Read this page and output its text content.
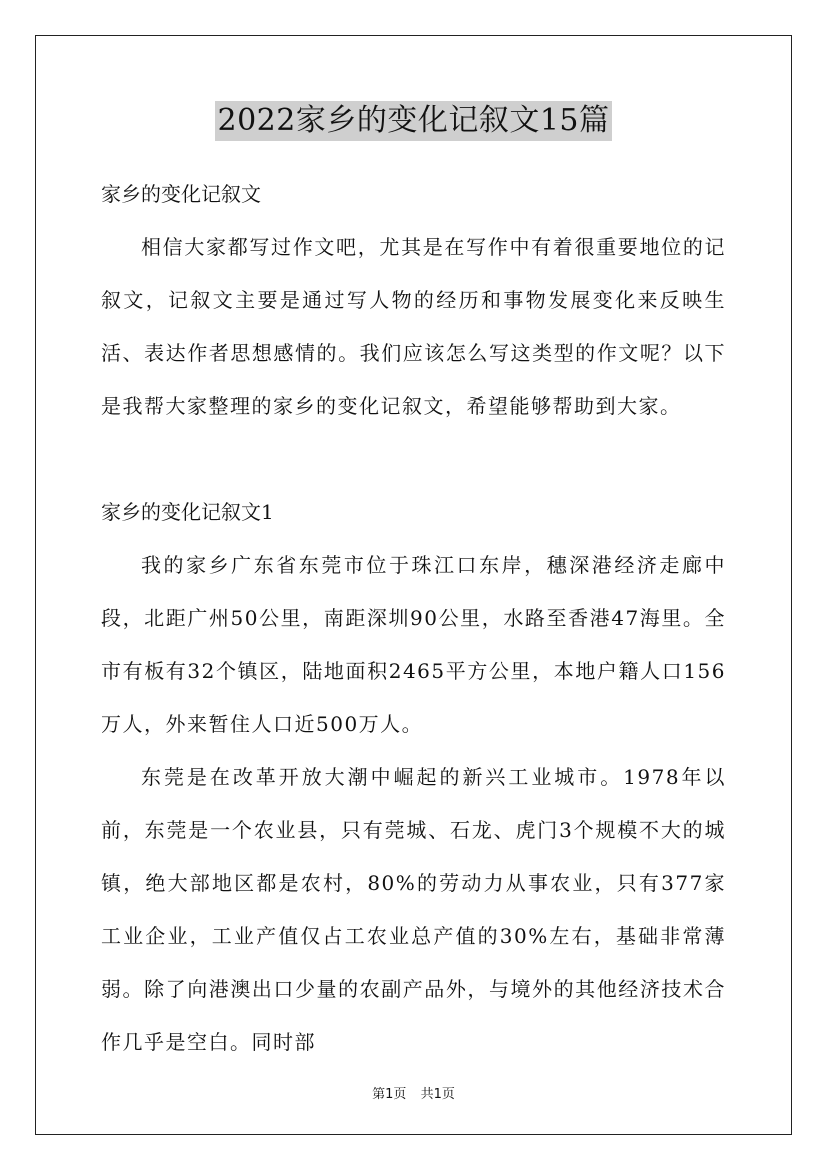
2022家乡的变化记叙文15篇

家乡的变化记叙文

相信大家都写过作文吧，尤其是在写作中有着很重要地位的记叙文，记叙文主要是通过写人物的经历和事物发展变化来反映生活、表达作者思想感情的。我们应该怎么写这类型的作文呢？以下是我帮大家整理的家乡的变化记叙文，希望能够帮助到大家。

家乡的变化记叙文1

我的家乡广东省东莞市位于珠江口东岸，穗深港经济走廊中段，北距广州50公里，南距深圳90公里，水路至香港47海里。全市有板有32个镇区，陆地面积2465平方公里，本地户籍人口156万人，外来暂住人口近500万人。

东莞是在改革开放大潮中崛起的新兴工业城市。1978年以前，东莞是一个农业县，只有莞城、石龙、虎门3个规模不大的城镇，绝大部地区都是农村，80%的劳动力从事农业，只有377家工业企业，工业产值仅占工农业总产值的30%左右，基础非常薄弱。除了向港澳出口少量的农副产品外，与境外的其他经济技术合作几乎是空白。同时部

第1页 共1页
